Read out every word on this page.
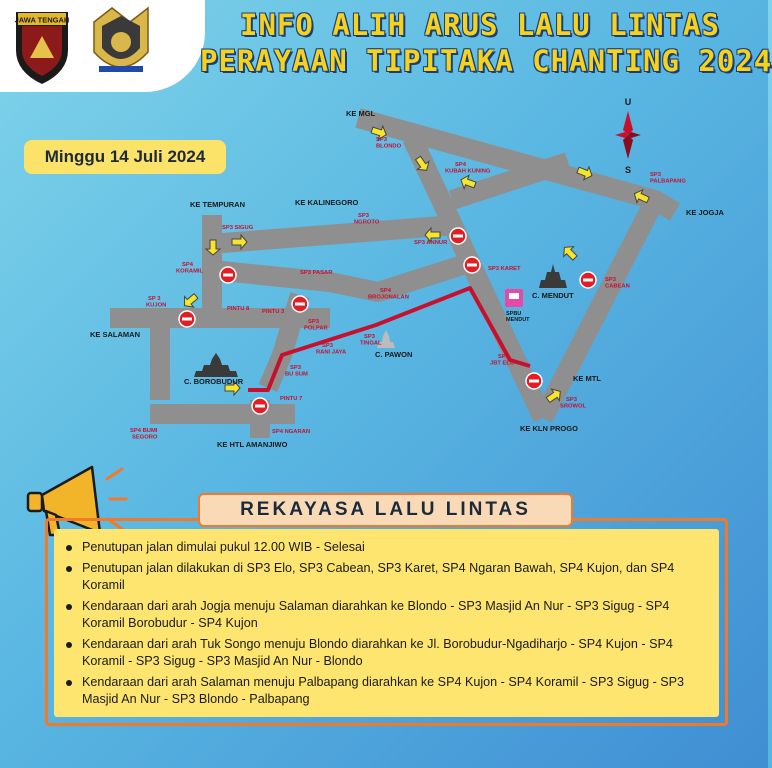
JAWA TENGAH	INFO ALIH ARUS LALU LINTAS
PERAYAAN TIPITAKA CHANTING 2024
Minggu 14 Juli 2024
U
S
KE MGL
KE TEMPURAN	KE KALINEGORO
KE JOGJA
KE SALAMAN
KE MTL
KE KLN PROGO
KE HTL AMANJIWO
C. MENDUT
C. PAWON
C. BOROBUDUR
SPBU MENDUT
SP3 BLONDO
SP4 KUBAH KUNING
SP3 PALBAPANG
SP3 SIGUG
SP3 NGROTO
SP3 ANNUR
SP3 KARET
SP3 CABEAN
SP4 KORAMIL	SP3 PASAR
SP4 BROJONALAN
SP 3 KUJON
PINTU 8 PINTU 3
SP3 POLPAR
SP3 TINGAL
SP3 RANI JAYA
SP3 BU SUM
PINTU 7
SP3 JBT ELO
SP3 SROWOL
SP4 NGARAN
SP4 BUMI SEGORO
Penutupan jalan dimulai pukul 12.00 WIB - Selesai
Penutupan jalan dilakukan di SP3 Elo, SP3 Cabean, SP3 Karet, SP4 Ngaran Bawah, SP4 Kujon, dan SP4 Koramil
Kendaraan dari arah Jogja menuju Salaman diarahkan ke Blondo - SP3 Masjid An Nur - SP3 Sigug - SP4 Koramil Borobudur - SP4 Kujon
Kendaraan dari arah Tuk Songo menuju Blondo diarahkan ke Jl. Borobudur-Ngadiharjo - SP4 Kujon - SP4 Koramil - SP3 Sigug - SP3 Masjid An Nur - Blondo
Kendaraan dari arah Salaman menuju Palbapang diarahkan ke SP4 Kujon - SP4 Koramil - SP3 Sigug - SP3 Masjid An Nur - SP3 Blondo - Palbapang
REKAYASA LALU LINTAS
